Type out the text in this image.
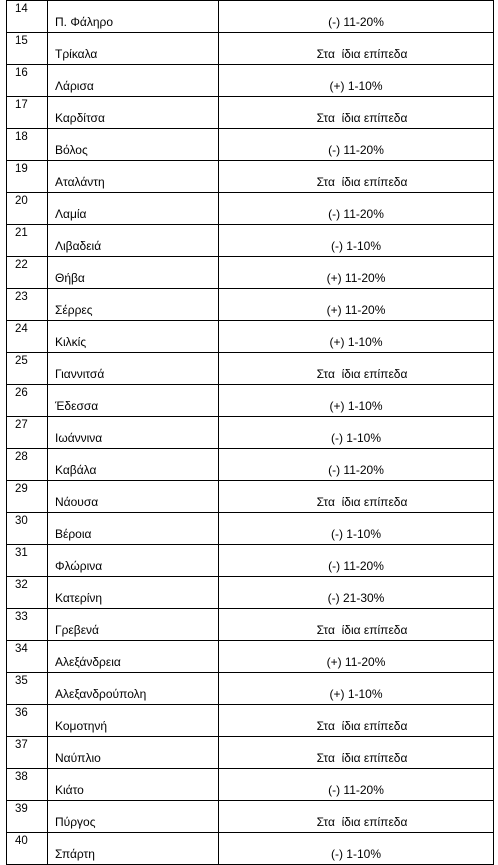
14	Π. Φάληρο	(-) 11-20%

15	Τρίκαλα	Στα  ίδια επίπεδα

16	Λάρισα	(+) 1-10%

17	Καρδίτσα	Στα  ίδια επίπεδα

18	Βόλος	(-) 11-20%

19	Αταλάντη	Στα  ίδια επίπεδα

20	Λαμία	(-) 11-20%

21	Λιβαδειά	(-) 1-10%

22	Θήβα	(+) 11-20%

23	Σέρρες	(+) 11-20%

24	Κιλκίς	(+) 1-10%

25	Γιαννιτσά	Στα  ίδια επίπεδα

26	Έδεσσα	(+) 1-10%

27	Ιωάννινα	(-) 1-10%

28	Καβάλα	(-) 11-20%

29	Νάουσα	Στα  ίδια επίπεδα

30	Βέροια	(-) 1-10%

31	Φλώρινα	(-) 11-20%

32	Κατερίνη	(-) 21-30%

33	Γρεβενά	Στα  ίδια επίπεδα

34	Αλεξάνδρεια	(+) 11-20%

35	Αλεξανδρούπολη	(+) 1-10%

36	Κομοτηνή	Στα  ίδια επίπεδα

37	Ναύπλιο	Στα  ίδια επίπεδα

38	Κιάτο	(-) 11-20%

39	Πύργος	Στα  ίδια επίπεδα

40	Σπάρτη	(-) 1-10%
